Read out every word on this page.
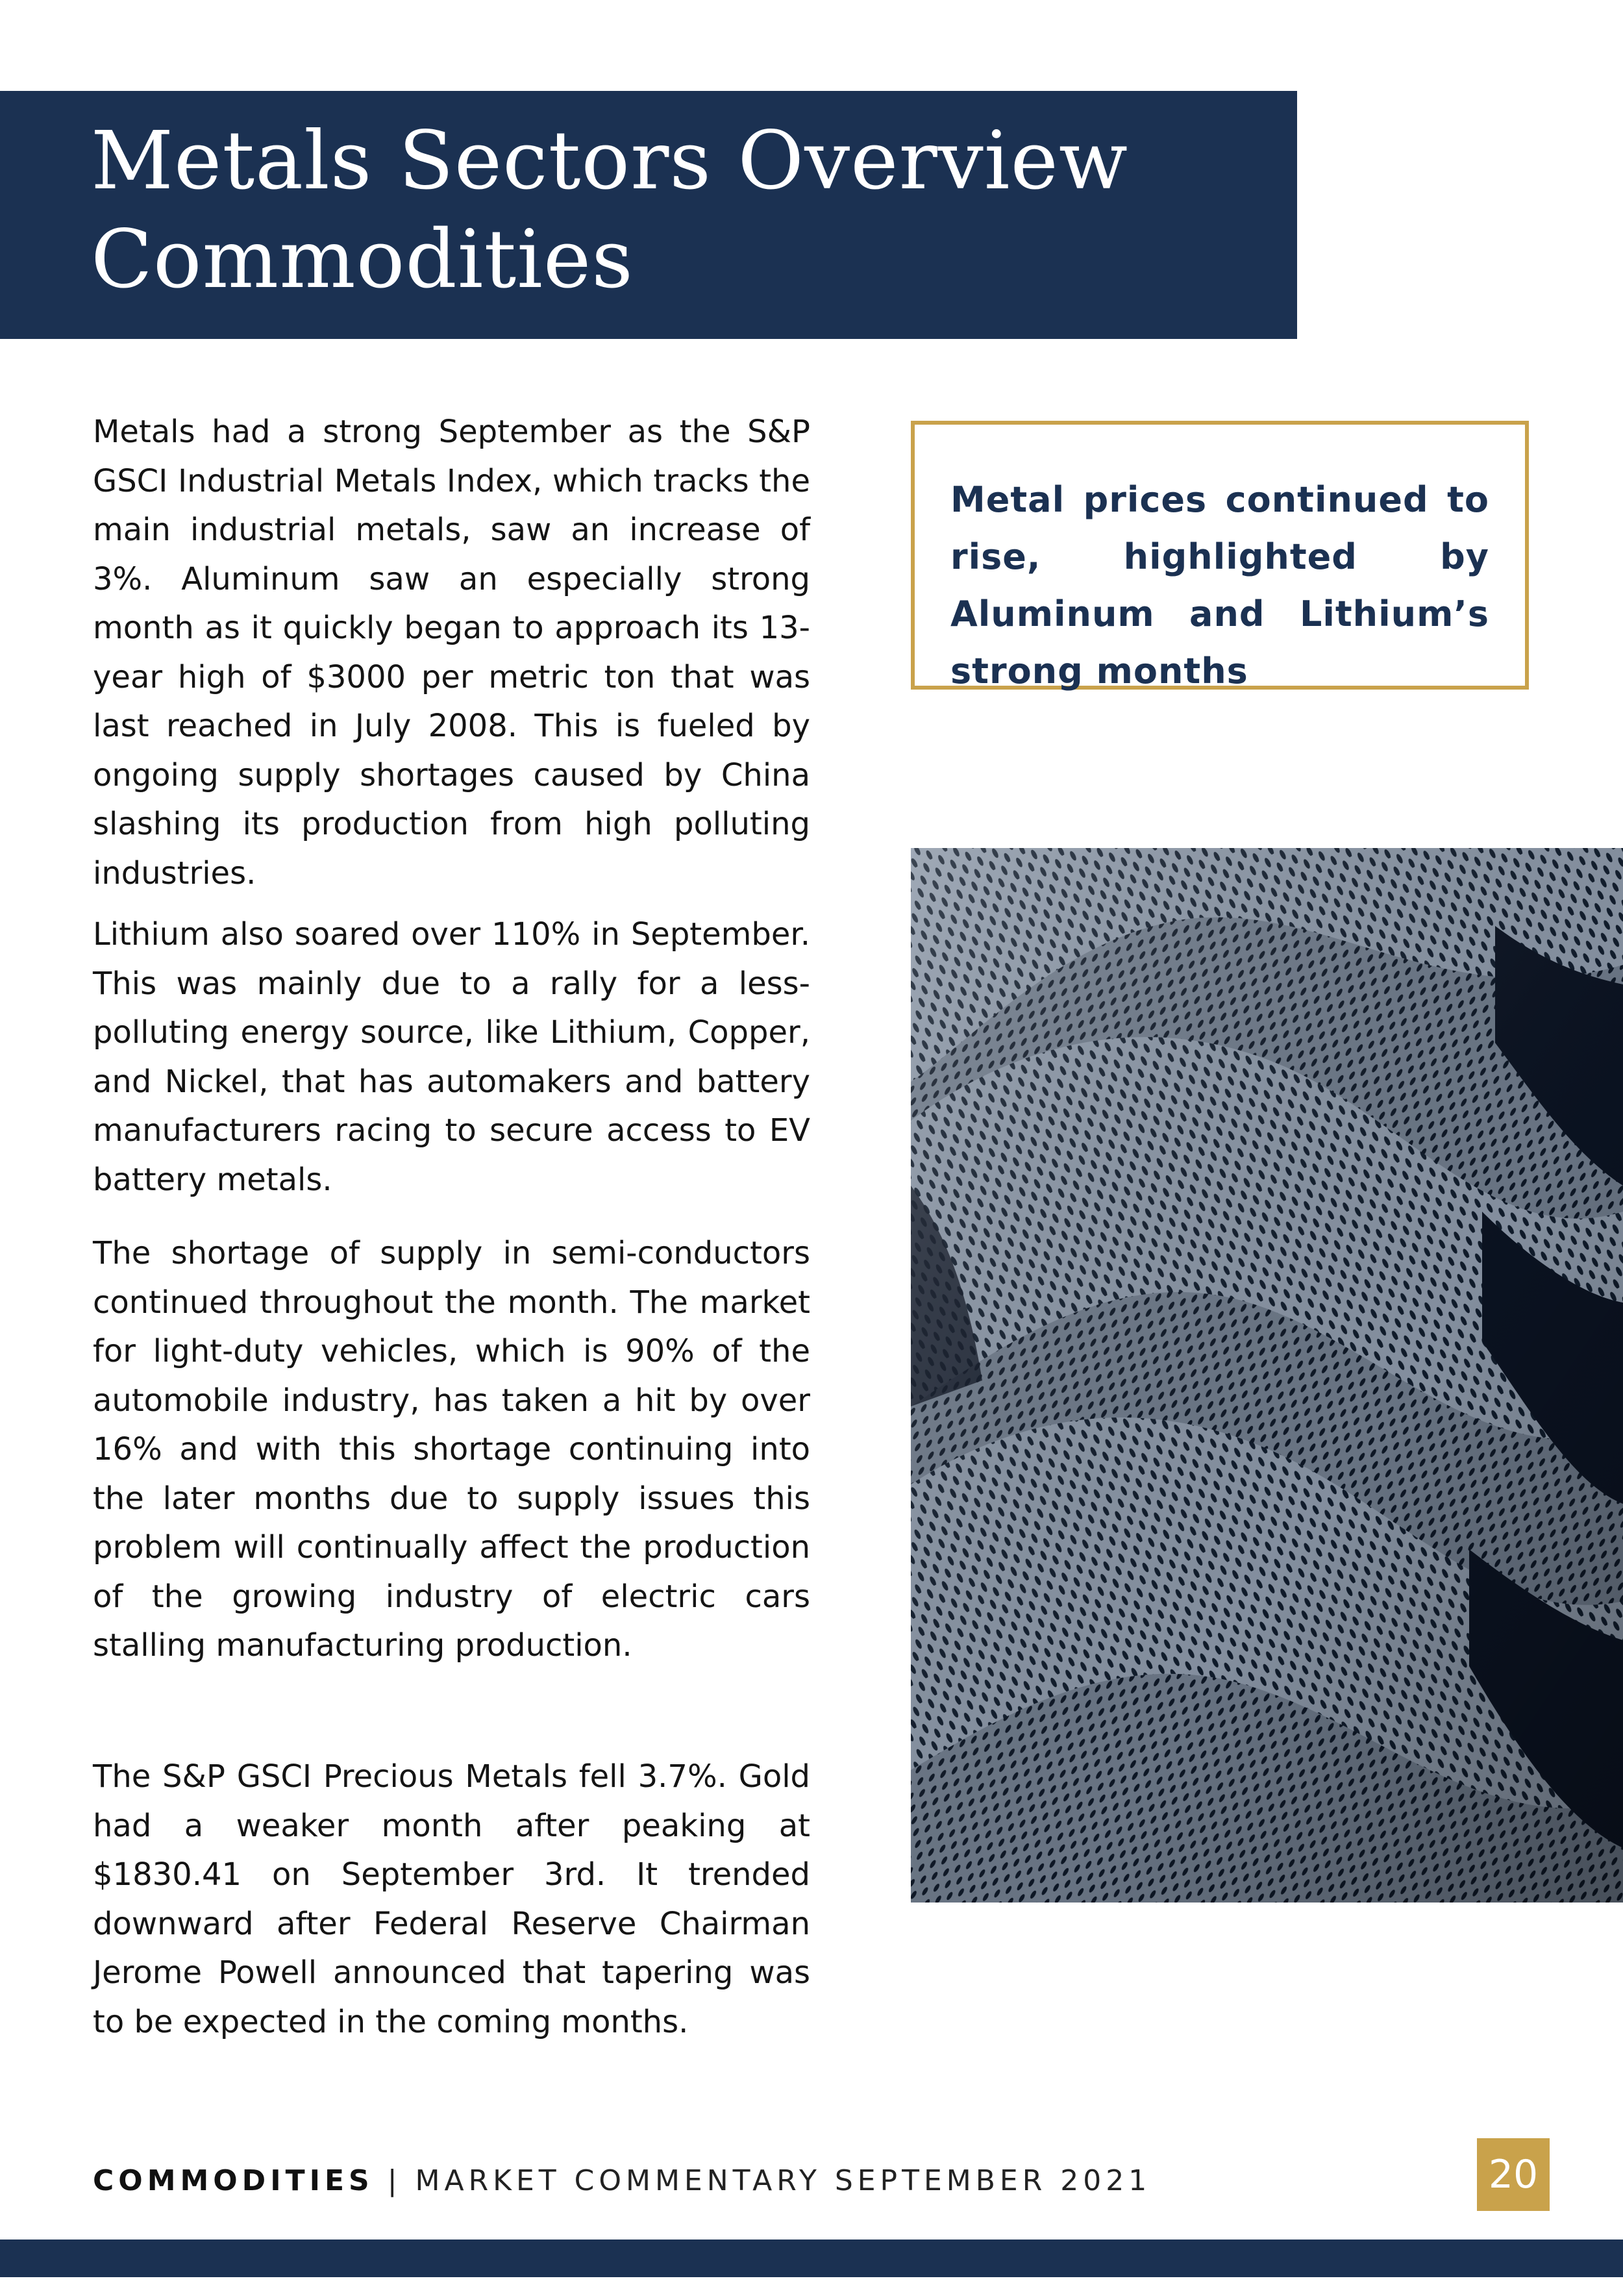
Metals Sectors Overview
Commodities

Metals had a strong September as the S&P GSCI Industrial Metals Index, which tracks the main industrial metals, saw an increase of 3%. Aluminum saw an especially strong month as it quickly began to approach its 13-year high of $3000 per metric ton that was last reached in July 2008. This is fueled by ongoing supply shortages caused by China slashing its production from high polluting industries.

Lithium also soared over 110% in September. This was mainly due to a rally for a less-polluting energy source, like Lithium, Copper, and Nickel, that has automakers and battery manufacturers racing to secure access to EV battery metals.

The shortage of supply in semi-conductors continued throughout the month. The market for light-duty vehicles, which is 90% of the automobile industry, has taken a hit by over 16% and with this shortage continuing into the later months due to supply issues this problem will continually affect the production of the growing industry of electric cars stalling manufacturing production.

The S&P GSCI Precious Metals fell 3.7%. Gold had a weaker month after peaking at $1830.41 on September 3rd. It trended downward after Federal Reserve Chairman Jerome Powell announced that tapering was to be expected in the coming months.

Metal prices continued to rise, highlighted by Aluminum and Lithium’s strong months

COMMODITIES | MARKET COMMENTARY SEPTEMBER 2021	20
